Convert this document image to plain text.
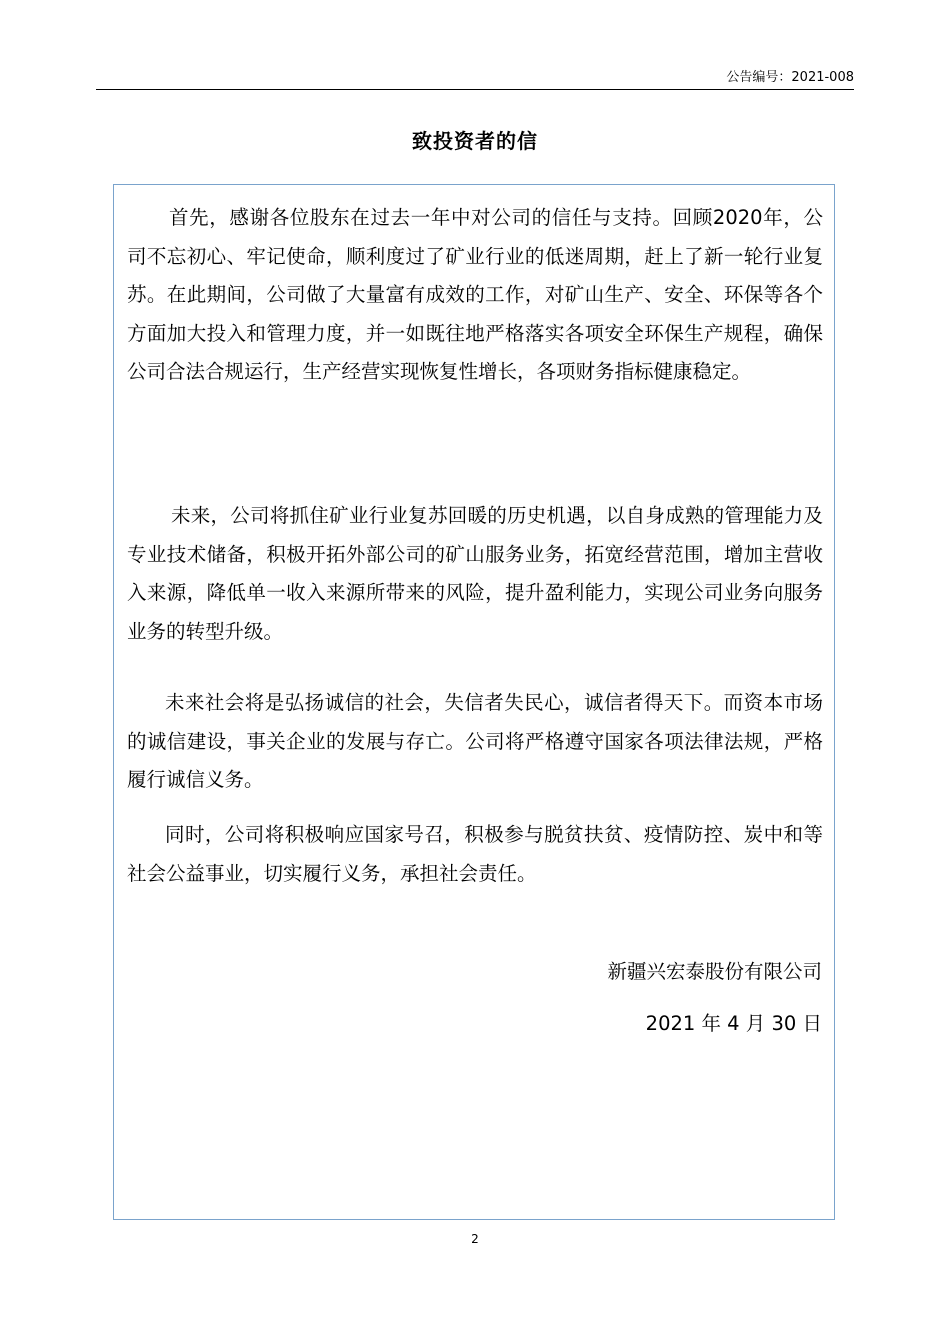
公告编号：2021-008
致投资者的信

首先，感谢各位股东在过去一年中对公司的信任与支持。回顾2020年，公司不忘初心、牢记使命，顺利度过了矿业行业的低迷周期，赶上了新一轮行业复苏。在此期间，公司做了大量富有成效的工作，对矿山生产、安全、环保等各个方面加大投入和管理力度，并一如既往地严格落实各项安全环保生产规程，确保公司合法合规运行，生产经营实现恢复性增长，各项财务指标健康稳定。

未来，公司将抓住矿业行业复苏回暖的历史机遇，以自身成熟的管理能力及专业技术储备，积极开拓外部公司的矿山服务业务，拓宽经营范围，增加主营收入来源，降低单一收入来源所带来的风险，提升盈利能力，实现公司业务向服务业务的转型升级。

未来社会将是弘扬诚信的社会，失信者失民心，诚信者得天下。而资本市场的诚信建设，事关企业的发展与存亡。公司将严格遵守国家各项法律法规，严格履行诚信义务。

同时，公司将积极响应国家号召，积极参与脱贫扶贫、疫情防控、炭中和等社会公益事业，切实履行义务，承担社会责任。

新疆兴宏泰股份有限公司
2021 年 4 月 30 日
2
